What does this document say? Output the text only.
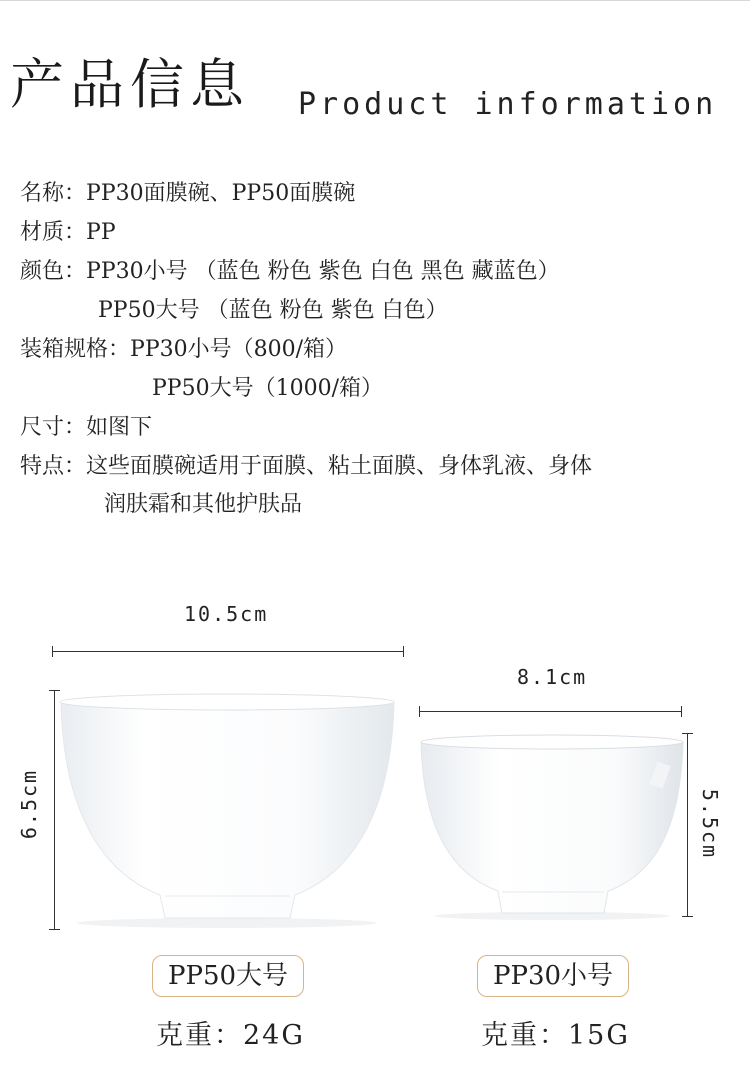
产品信息 Product information
名称：PP30面膜碗、PP50面膜碗
材质：PP
颜色：PP30小号 （蓝色 粉色 紫色 白色 黑色 藏蓝色）
PP50大号 （蓝色 粉色 紫色 白色）
装箱规格：PP30小号（800/箱）
PP50大号（1000/箱）
尺寸：如图下
特点：这些面膜碗适用于面膜、粘土面膜、身体乳液、身体
润肤霜和其他护肤品
10.5cm
6.5cm
8.1cm
5.5cm
PP50大号	PP30小号
克重：24G	克重：15G
